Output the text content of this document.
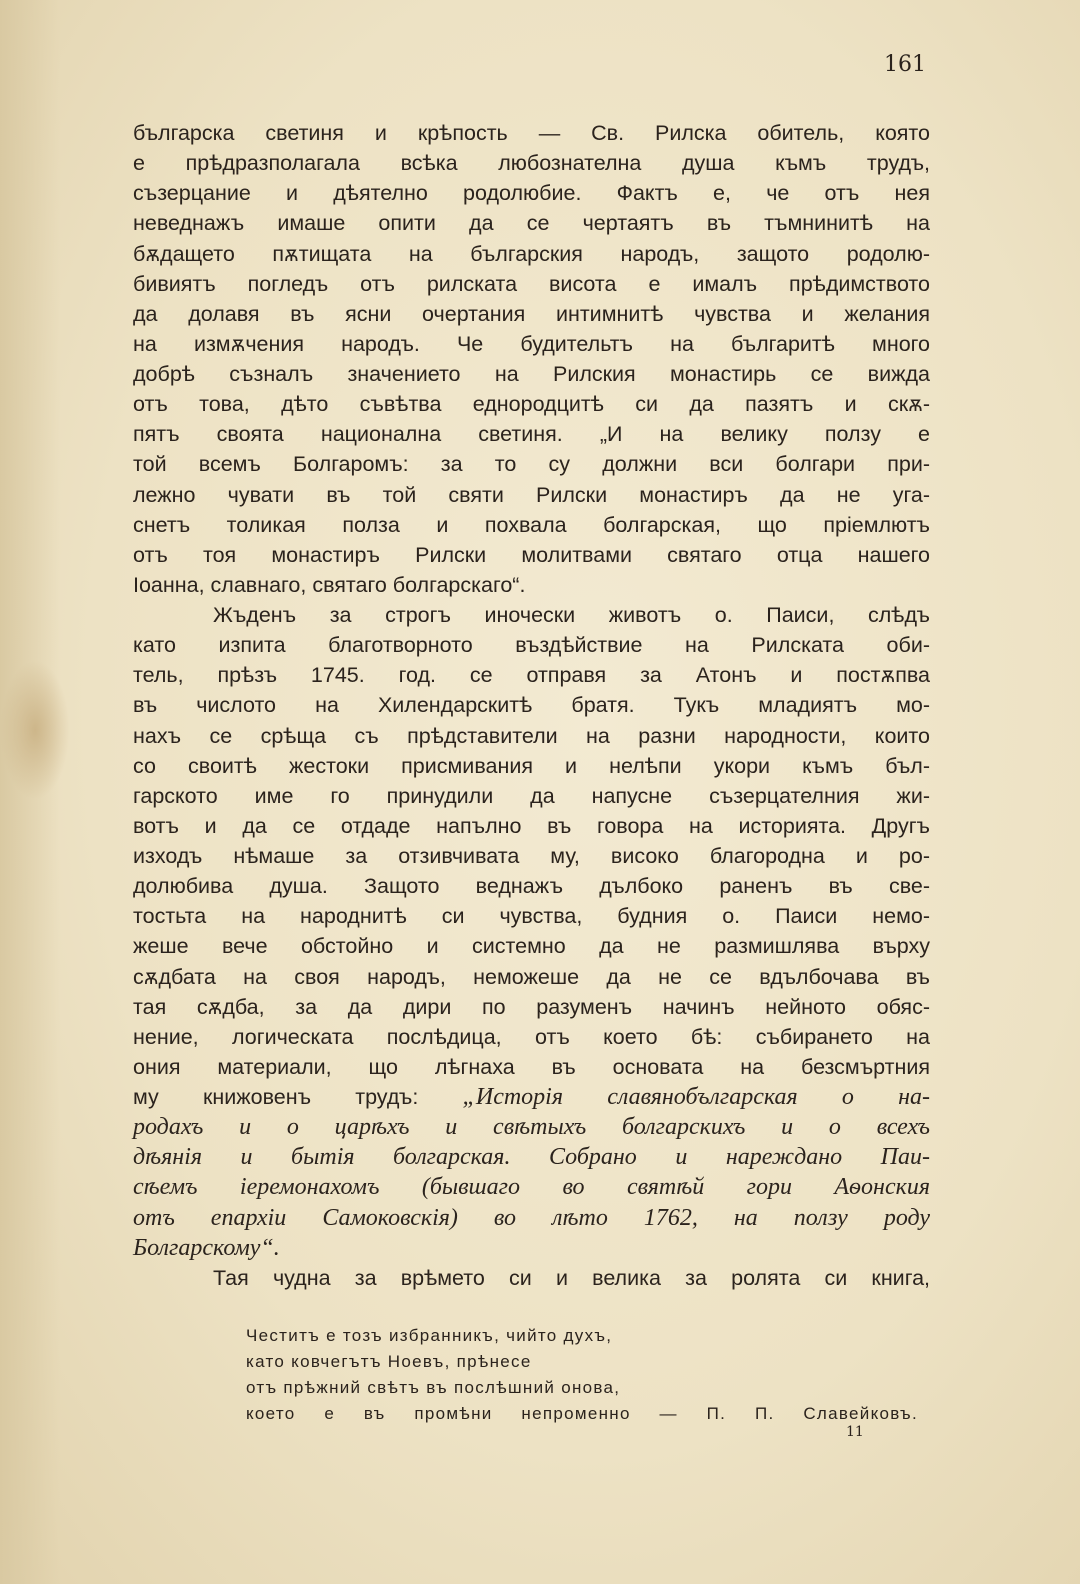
161
българска светиня и крѣпость — Св. Рилска обитель, която
е прѣдразполагала всѣка любознателна душа къмъ трудъ,
съзерцание и дѣятелно родолюбие. Фактъ е, че отъ нея
неведнажъ имаше опити да се чертаятъ въ тъмнинитѣ на
бѫдащето пѫтищата на българския народъ, защото родолю-
бивиятъ погледъ отъ рилската висота е ималъ прѣдимството
да долавя въ ясни очертания интимнитѣ чувства и желания
на измѫчения народъ. Че будительтъ на българитѣ много
добрѣ съзналъ значението на Рилския монастирь се вижда
отъ това, дѣто съвѣтва еднородцитѣ си да пазятъ и скѫ-
пятъ своята национална светиня. „И на велику ползу е
той всемъ Болгаромъ: за то су должни вси болгари при-
лежно чувати въ той святи Рилски монастиръ да не уга-
снетъ толикая полза и похвала болгарская, що пріемлютъ
отъ тоя монастиръ Рилски молитвами святаго отца нашего
Іоанна, славнаго, святаго болгарскаго“.
Жъденъ за строгъ иночески животъ о. Паиси, слѣдъ
като изпита благотворното въздѣйствие на Рилската оби-
тель, прѣзъ 1745. год. се отправя за Атонъ и постѫпва
въ числото на Хилендарскитѣ братя. Тукъ младиятъ мо-
нахъ се срѣща съ прѣдставители на разни народности, които
со своитѣ жестоки присмивания и нелѣпи укори къмъ бъл-
гарското име го принудили да напусне съзерцателния жи-
вотъ и да се отдаде напълно въ говора на историята. Другъ
изходъ нѣмаше за отзивчивата му, високо благородна и ро-
долюбива душа. Защото веднажъ дълбоко раненъ въ све-
тостьта на народнитѣ си чувства, будния о. Паиси немо-
жеше вече обстойно и системно да не размишлява върху
сѫдбата на своя народъ, неможеше да не се вдълбочава въ
тая сѫдба, за да дири по разуменъ начинъ нейното обяс-
нение, логическата послѣдица, отъ което бѣ: събирането на
ония материали, що лѣгнаха въ основата на безсмъртния
му книжовенъ трудъ: „Исторія славянобългарская о на-
родахъ и о царѣхъ и свѣтыхъ болгарскихъ и о всехъ
дѣянія и бытія болгарская. Собрано и нареждано Паи-
сѣемъ іеремонахомъ (бывшаго во святѣй гори Аѳонския
отъ епархіи Самоковскія) во лѣто 1762, на ползу роду
Болгарскому“.
Тая чудна за врѣмето си и велика за ролята си книга,
Честитъ е тозъ избранникъ, чийто духъ,
като ковчегътъ Ноевъ, прѣнесе
отъ прѣжний свѣтъ въ послѣшний онова,
което е въ промѣни непроменно — П. П. Славейковъ.
11
